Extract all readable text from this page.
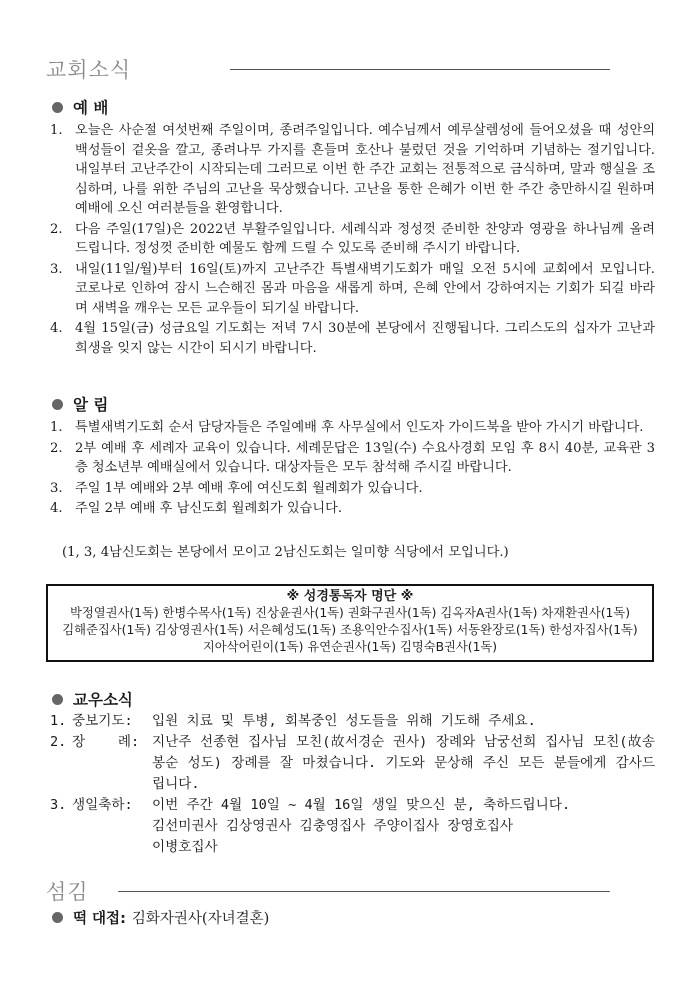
교회소식
예 배
1. 오늘은 사순절 여섯번째 주일이며, 종려주일입니다. 예수님께서 예루살렘성에 들어오셨을 때 성안의 백성들이 겉옷을 깔고, 종려나무 가지를 흔들며 호산나 불렀던 것을 기억하며 기념하는 절기입니다. 내일부터 고난주간이 시작되는데 그러므로 이번 한 주간 교회는 전통적으로 금식하며, 말과 행실을 조심하며, 나를 위한 주님의 고난을 묵상했습니다. 고난을 통한 은혜가 이번 한 주간 충만하시길 원하며 예배에 오신 여러분들을 환영합니다.
2. 다음 주일(17일)은 2022년 부활주일입니다. 세례식과 정성껏 준비한 찬양과 영광을 하나님께 올려 드립니다. 정성껏 준비한 예물도 함께 드릴 수 있도록 준비해 주시기 바랍니다.
3. 내일(11일/월)부터 16일(토)까지 고난주간 특별새벽기도회가 매일 오전 5시에 교회에서 모입니다. 코로나로 인하여 잠시 느슨해진 몸과 마음을 새롭게 하며, 은혜 안에서 강하여지는 기회가 되길 바라며 새벽을 깨우는 모든 교우들이 되기실 바랍니다.
4. 4월 15일(금) 성금요일 기도회는 저녁 7시 30분에 본당에서 진행됩니다. 그리스도의 십자가 고난과 희생을 잊지 않는 시간이 되시기 바랍니다.
알 림
1. 특별새벽기도회 순서 담당자들은 주일예배 후 사무실에서 인도자 가이드북을 받아 가시기 바랍니다.
2. 2부 예배 후 세례자 교육이 있습니다. 세례문답은 13일(수) 수요사경회 모임 후 8시 40분, 교육관 3층 청소년부 예배실에서 있습니다. 대상자들은 모두 참석해 주시길 바랍니다.
3. 주일 1부 예배와 2부 예배 후에 여신도회 월례회가 있습니다.
4. 주일 2부 예배 후 남신도회 월례회가 있습니다.
(1, 3, 4남신도회는 본당에서 모이고 2남신도회는 일미향 식당에서 모입니다.)
※ 성경통독자 명단 ※
박정열권사(1독) 한병수목사(1독) 진상윤권사(1독) 권화구권사(1독) 김옥자A권사(1독) 차재환권사(1독)
김해준집사(1독) 김상영권사(1독) 서은혜성도(1독) 조용익안수집사(1독) 서동완장로(1독) 한성자집사(1독)
지아삭어린이(1독) 유연순권사(1독) 김명숙B권사(1독)
교우소식
1. 중보기도:	입원 치료 및 투병, 회복중인 성도들을 위해 기도해 주세요.
2. 장    례: 지난주 선종현 집사님 모친(故서경순 권사) 장례와 남궁선희 집사님 모친(故송봉순 성도) 장례를 잘 마쳤습니다. 기도와 문상해 주신 모든 분들에게 감사드립니다.
3. 생일축하:	이번 주간 4월 10일 ~ 4월 16일 생일 맞으신 분, 축하드립니다.
김선미권사 김상영권사 김충영집사 주양이집사 장영호집사
이병호집사
섬김
떡 대접: 김화자권사(자녀결혼)
